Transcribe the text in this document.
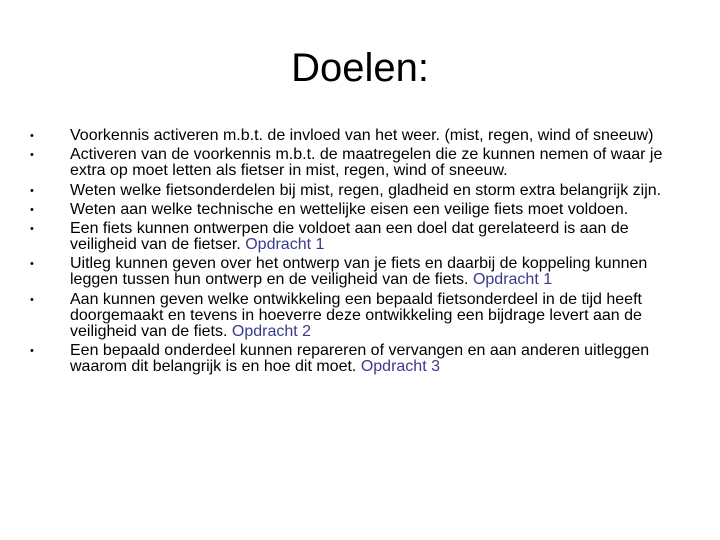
Doelen:
•	Voorkennis activeren m.b.t. de invloed van het weer. (mist, regen, wind of sneeuw)
•	Activeren van de voorkennis m.b.t. de maatregelen die ze kunnen nemen of waar je extra op moet letten als fietser in mist, regen, wind of sneeuw.
•	Weten welke fietsonderdelen bij mist, regen, gladheid en storm extra belangrijk zijn.
•	Weten aan welke technische en wettelijke eisen een veilige fiets moet voldoen.
•	Een fiets kunnen ontwerpen die voldoet aan een doel dat gerelateerd is aan de veiligheid van de fietser. Opdracht 1
•	Uitleg kunnen geven over het ontwerp van je fiets en daarbij de koppeling kunnen leggen tussen hun ontwerp en de veiligheid van de fiets. Opdracht 1
•	Aan kunnen geven welke ontwikkeling een bepaald fietsonderdeel in de tijd heeft doorgemaakt en tevens in hoeverre deze ontwikkeling een bijdrage levert aan de veiligheid van de fiets. Opdracht 2
•	Een bepaald onderdeel kunnen repareren of vervangen en aan anderen uitleggen waarom dit belangrijk is en hoe dit moet. Opdracht 3
